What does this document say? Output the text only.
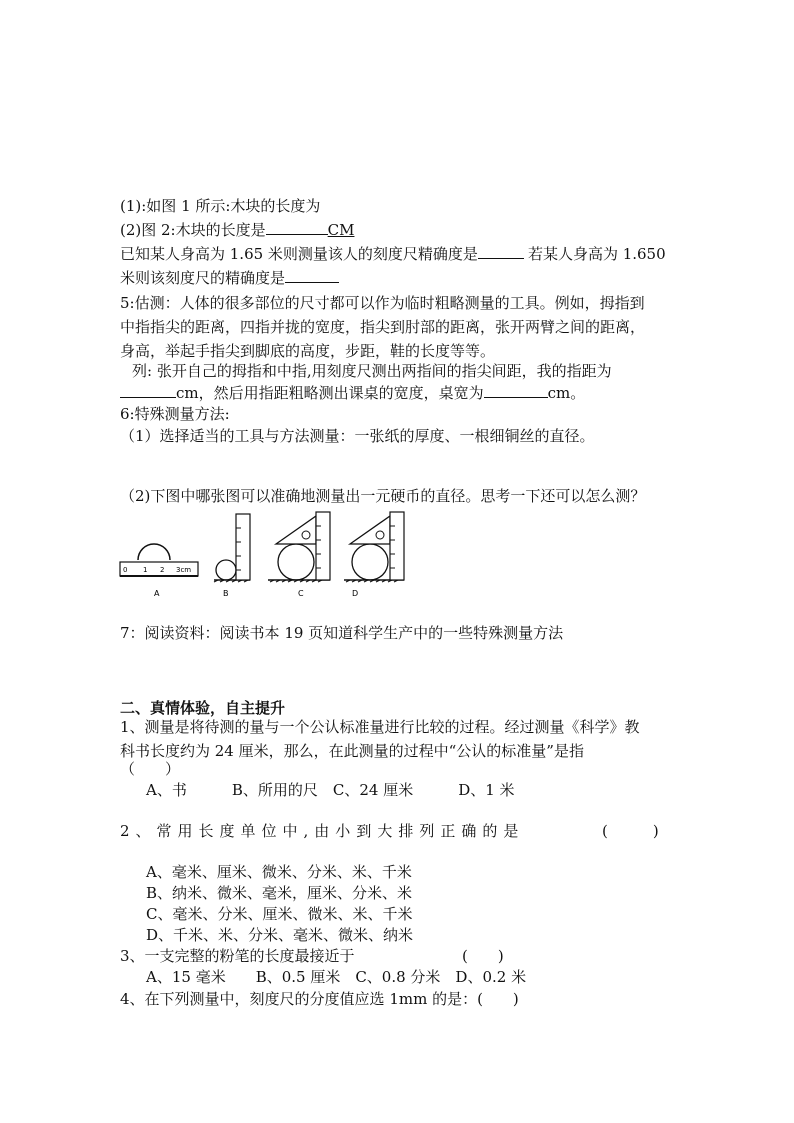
(1):如图 1 所示:木块的长度为
(2)图 2:木块的长度是	CM
已知某人身高为 1.65 米则测量该人的刻度尺精确度是	若某人身高为 1.650
米则该刻度尺的精确度是
5:估测：人体的很多部位的尺寸都可以作为临时粗略测量的工具。例如，拇指到
中指指尖的距离，四指并拢的宽度，指尖到肘部的距离，张开两臂之间的距离，
身高，举起手指尖到脚底的高度，步距，鞋的长度等等。
列: 张开自己的拇指和中指,用刻度尺测出两指间的指尖间距，我的指距为
cm，然后用指距粗略测出课桌的宽度，桌宽为	cm。
6:特殊测量方法:
（1）选择适当的工具与方法测量：一张纸的厚度、一根细铜丝的直径。
（2)下图中哪张图可以准确地测量出一元硬币的直径。思考一下还可以怎么测？
0 1 2 3cm
A	B	C	D
7：阅读资料：阅读书本 19 页知道科学生产中的一些特殊测量方法
二、真情体验，自主提升
1、测量是将待测的量与一个公认标准量进行比较的过程。经过测量《科学》教
科书长度约为 24 厘米，那么，在此测量的过程中“公认的标准量”是指
（　　）
A、书　　　B、所用的尺　C、24 厘米　　　D、1 米
2、常用长度单位中,由小到大排列正确的是	(　　　)
A、毫米、厘米、微米、分米、米、千米
B、纳米、微米、毫米，厘米、分米、米
C、毫米、分米、厘米、微米、米、千米
D、千米、米、分米、毫米、微米、纳米
3、一支完整的粉笔的长度最接近于	(　　)
A、15 毫米　　B、0.5 厘米　C、0.8 分米　D、0.2 米
4、在下列测量中，刻度尺的分度值应选 1mm 的是：(　　)
